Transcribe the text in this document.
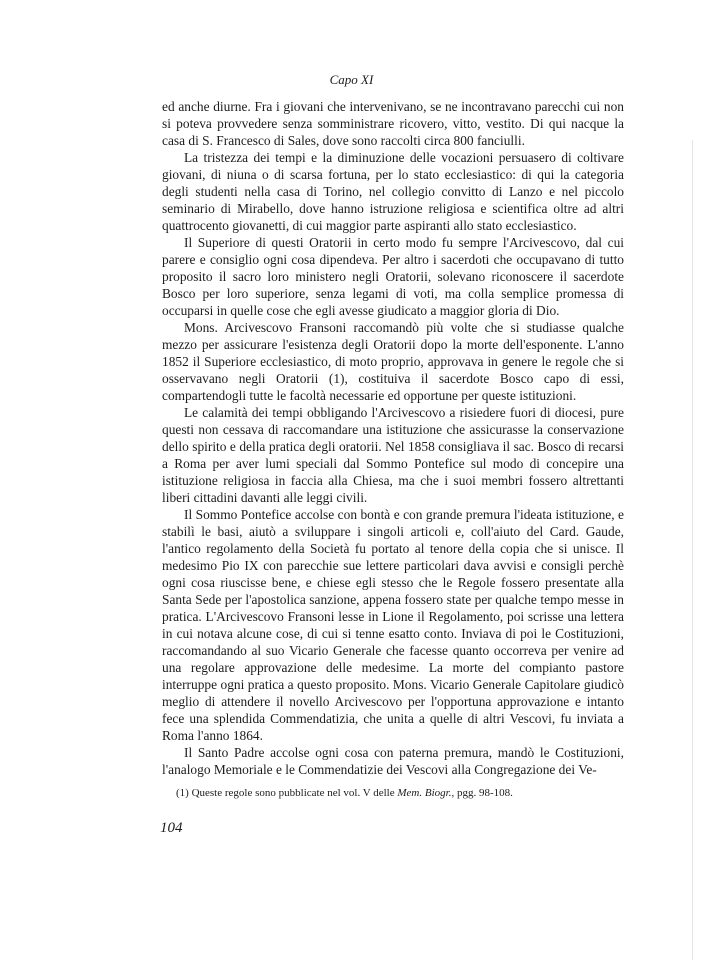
Capo XI

ed anche diurne. Fra i giovani che intervenivano, se ne incontravano parecchi cui non si poteva provvedere senza somministrare ricovero, vitto, vestito. Di qui nacque la casa di S. Francesco di Sales, dove sono raccolti circa 800 fanciulli.

La tristezza dei tempi e la diminuzione delle vocazioni persuasero di coltivare giovani, di niuna o di scarsa fortuna, per lo stato ecclesiastico: di qui la categoria degli studenti nella casa di Torino, nel collegio convitto di Lanzo e nel piccolo seminario di Mirabello, dove hanno istruzione religiosa e scientifica oltre ad altri quattrocento giovanetti, di cui maggior parte aspiranti allo stato ecclesiastico.

Il Superiore di questi Oratorii in certo modo fu sempre l'Arcivescovo, dal cui parere e consiglio ogni cosa dipendeva. Per altro i sacerdoti che occupavano di tutto proposito il sacro loro ministero negli Oratorii, solevano riconoscere il sacerdote Bosco per loro superiore, senza legami di voti, ma colla semplice promessa di occuparsi in quelle cose che egli avesse giudicato a maggior gloria di Dio.

Mons. Arcivescovo Fransoni raccomandò più volte che si studiasse qualche mezzo per assicurare l'esistenza degli Oratorii dopo la morte dell'esponente. L'anno 1852 il Superiore ecclesiastico, di moto proprio, approvava in genere le regole che si osservavano negli Oratorii (1), costituiva il sacerdote Bosco capo di essi, compartendogli tutte le facoltà necessarie ed opportune per queste istituzioni.

Le calamità dei tempi obbligando l'Arcivescovo a risiedere fuori di diocesi, pure questi non cessava di raccomandare una istituzione che assicurasse la conservazione dello spirito e della pratica degli oratorii. Nel 1858 consigliava il sac. Bosco di recarsi a Roma per aver lumi speciali dal Sommo Pontefice sul modo di concepire una istituzione religiosa in faccia alla Chiesa, ma che i suoi membri fossero altrettanti liberi cittadini davanti alle leggi civili.

Il Sommo Pontefice accolse con bontà e con grande premura l'ideata istituzione, e stabilì le basi, aiutò a sviluppare i singoli articoli e, coll'aiuto del Card. Gaude, l'antico regolamento della Società fu portato al tenore della copia che si unisce. Il medesimo Pio IX con parecchie sue lettere particolari dava avvisi e consigli perchè ogni cosa riuscisse bene, e chiese egli stesso che le Regole fossero presentate alla Santa Sede per l'apostolica sanzione, appena fossero state per qualche tempo messe in pratica. L'Arcivescovo Fransoni lesse in Lione il Regolamento, poi scrisse una lettera in cui notava alcune cose, di cui si tenne esatto conto. Inviava di poi le Costituzioni, raccomandando al suo Vicario Generale che facesse quanto occorreva per venire ad una regolare approvazione delle medesime. La morte del compianto pastore interruppe ogni pratica a questo proposito. Mons. Vicario Generale Capitolare giudicò meglio di attendere il novello Arcivescovo per l'opportuna approvazione e intanto fece una splendida Commendatizia, che unita a quelle di altri Vescovi, fu inviata a Roma l'anno 1864.

Il Santo Padre accolse ogni cosa con paterna premura, mandò le Costituzioni, l'analogo Memoriale e le Commendatizie dei Vescovi alla Congregazione dei Ve-

(1) Queste regole sono pubblicate nel vol. V delle Mem. Biogr., pgg. 98-108.
104
